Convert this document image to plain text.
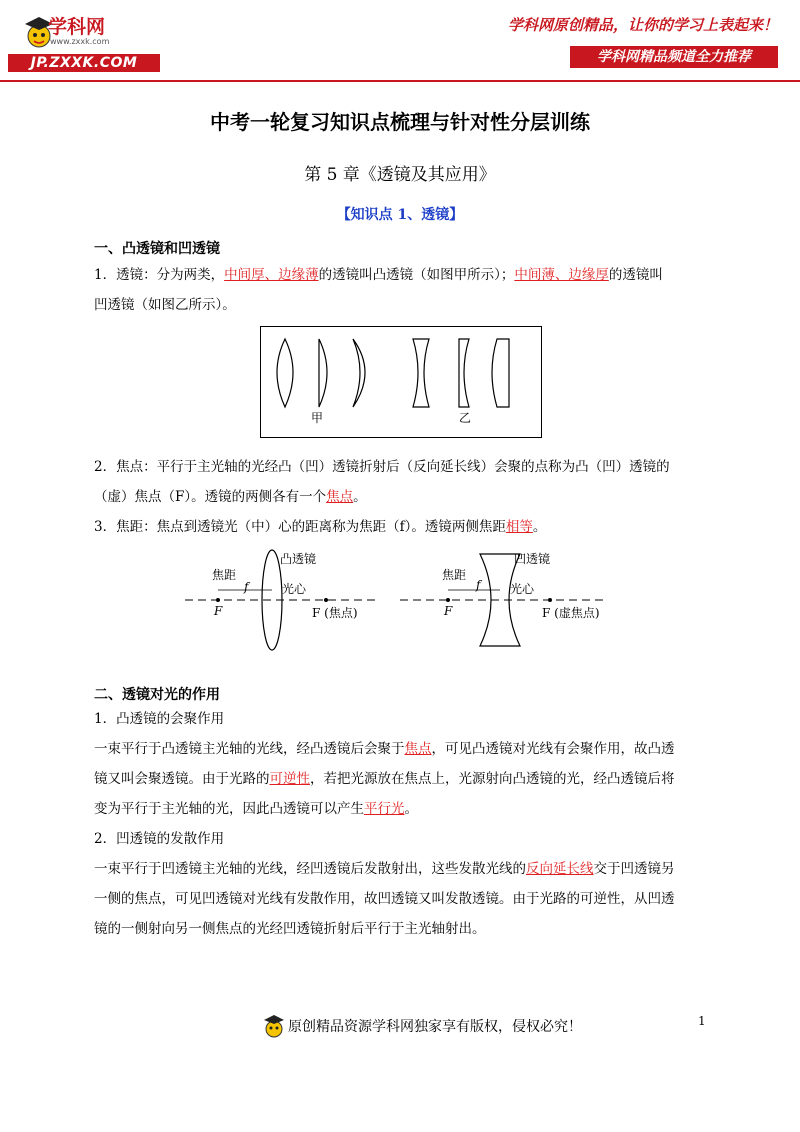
学科网
www.zxxk.com
JP.ZXXK.COM
学科网原创精品，让你的学习上表起来！
学科网精品频道全力推荐
中考一轮复习知识点梳理与针对性分层训练
第 5 章《透镜及其应用》
【知识点 1、透镜】
一、凸透镜和凹透镜
1．透镜：分为两类，中间厚、边缘薄的透镜叫凸透镜（如图甲所示）；中间薄、边缘厚的透镜叫
凹透镜（如图乙所示）。
甲	乙
2．焦点：平行于主光轴的光经凸（凹）透镜折射后（反向延长线）会聚的点称为凸（凹）透镜的
（虚）焦点（F）。透镜的两侧各有一个焦点。
3．焦距：焦点到透镜光（中）心的距离称为焦距（f）。透镜两侧焦距相等。
凸透镜
焦距
f	光心
F	F (焦点)
凹透镜
焦距
f 光心
F	F (虚焦点)
二、透镜对光的作用
1．凸透镜的会聚作用
一束平行于凸透镜主光轴的光线，经凸透镜后会聚于焦点，可见凸透镜对光线有会聚作用，故凸透
镜又叫会聚透镜。由于光路的可逆性，若把光源放在焦点上，光源射向凸透镜的光，经凸透镜后将
变为平行于主光轴的光，因此凸透镜可以产生平行光。
2．凹透镜的发散作用
一束平行于凹透镜主光轴的光线，经凹透镜后发散射出，这些发散光线的反向延长线交于凹透镜另
一侧的焦点，可见凹透镜对光线有发散作用，故凹透镜又叫发散透镜。由于光路的可逆性，从凹透
镜的一侧射向另一侧焦点的光经凹透镜折射后平行于主光轴射出。
1
原创精品资源学科网独家享有版权，侵权必究！
